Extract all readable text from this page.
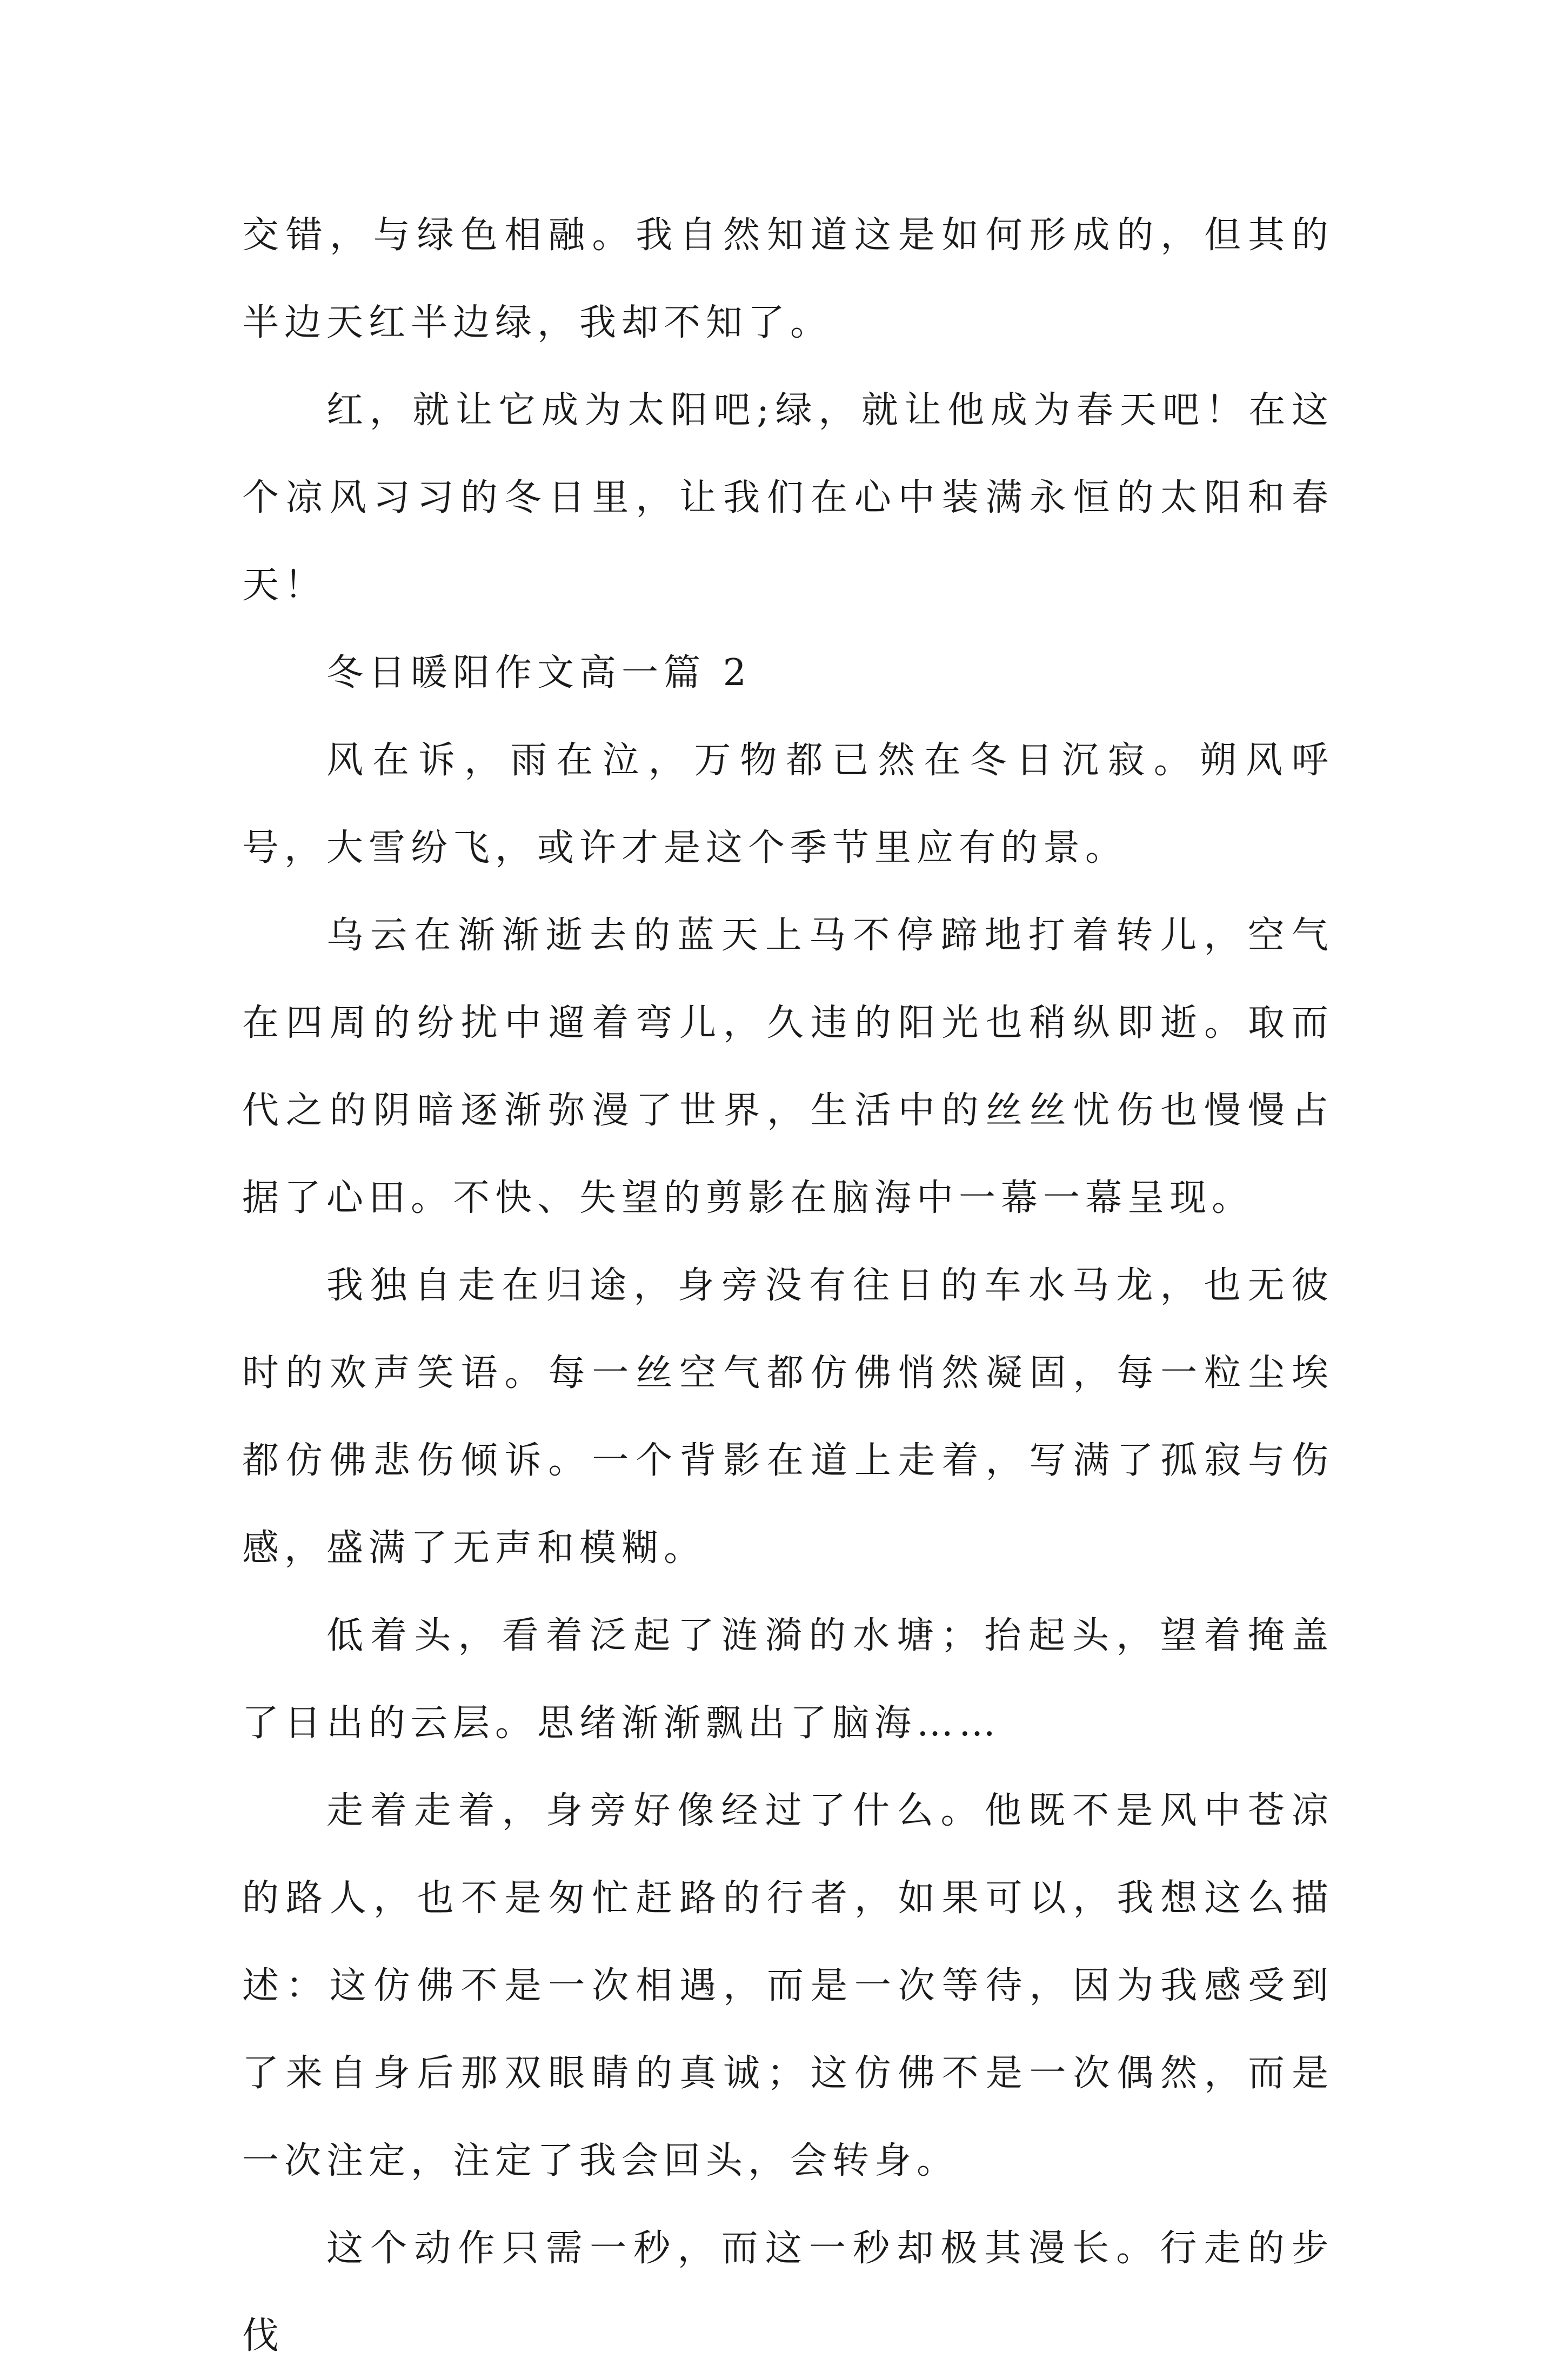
交错，与绿色相融。我自然知道这是如何形成的，但其的半边天红半边绿，我却不知了。

红，就让它成为太阳吧;绿，就让他成为春天吧！在这个凉风习习的冬日里，让我们在心中装满永恒的太阳和春天！

冬日暖阳作文高一篇 2

风在诉，雨在泣，万物都已然在冬日沉寂。朔风呼号，大雪纷飞，或许才是这个季节里应有的景。

乌云在渐渐逝去的蓝天上马不停蹄地打着转儿，空气在四周的纷扰中遛着弯儿，久违的阳光也稍纵即逝。取而代之的阴暗逐渐弥漫了世界，生活中的丝丝忧伤也慢慢占据了心田。不快、失望的剪影在脑海中一幕一幕呈现。

我独自走在归途，身旁没有往日的车水马龙，也无彼时的欢声笑语。每一丝空气都仿佛悄然凝固，每一粒尘埃都仿佛悲伤倾诉。一个背影在道上走着，写满了孤寂与伤感，盛满了无声和模糊。

低着头，看着泛起了涟漪的水塘；抬起头，望着掩盖了日出的云层。思绪渐渐飘出了脑海……

走着走着，身旁好像经过了什么。他既不是风中苍凉的路人，也不是匆忙赶路的行者，如果可以，我想这么描述：这仿佛不是一次相遇，而是一次等待，因为我感受到了来自身后那双眼睛的真诚；这仿佛不是一次偶然，而是一次注定，注定了我会回头，会转身。

这个动作只需一秒，而这一秒却极其漫长。行走的步伐
